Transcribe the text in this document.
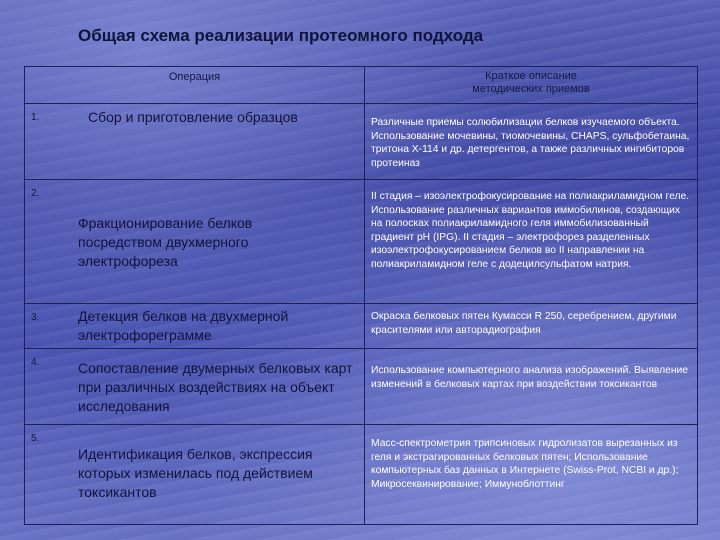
Общая схема реализации протеомного подхода
Операция	Краткое описание
методических приемов

1. Сбор и приготовление образцов	Различные приемы солюбилизации белков изучаемого объекта. Использование мочевины, тиомочевины, CHAPS, сульфобетаина, тритона X-114 и др. детергентов, а также различных ингибиторов протеиназ

2.
Фракционирование белков посредством двухмерного электрофореза	II стадия – изоэлектрофокусирование на полиакриламидном геле. Использование различных вариантов иммобилинов, создающих на полосках полиакриламидного геля иммобилизованный градиент рН (IPG). II стадия – электрофорез разделенных изоэлектрофокусированием белков во II направлении на полиакриламидном геле с додецилсульфатом натрия.

3. Детекция белков на двухмерной электрофореграмме	Окраска белковых пятен Кумасси R 250, серебрением, другими красителями или авторадиография

4. Сопоставление двумерных белковых карт при различных воздействиях на объект исследования	Использование компьютерного анализа изображений. Выявление изменений в белковых картах при воздействии токсикантов

5.
Идентификация белков, экспрессия которых изменилась под действием токсикантов	Масс-спектрометрия трипсиновых гидролизатов вырезанных из геля и экстрагированных белковых пятен; Использование компьютерных баз данных в Интернете (Swiss-Prot, NCBI и др.); Микросеквинирование; Иммуноблоттинг
